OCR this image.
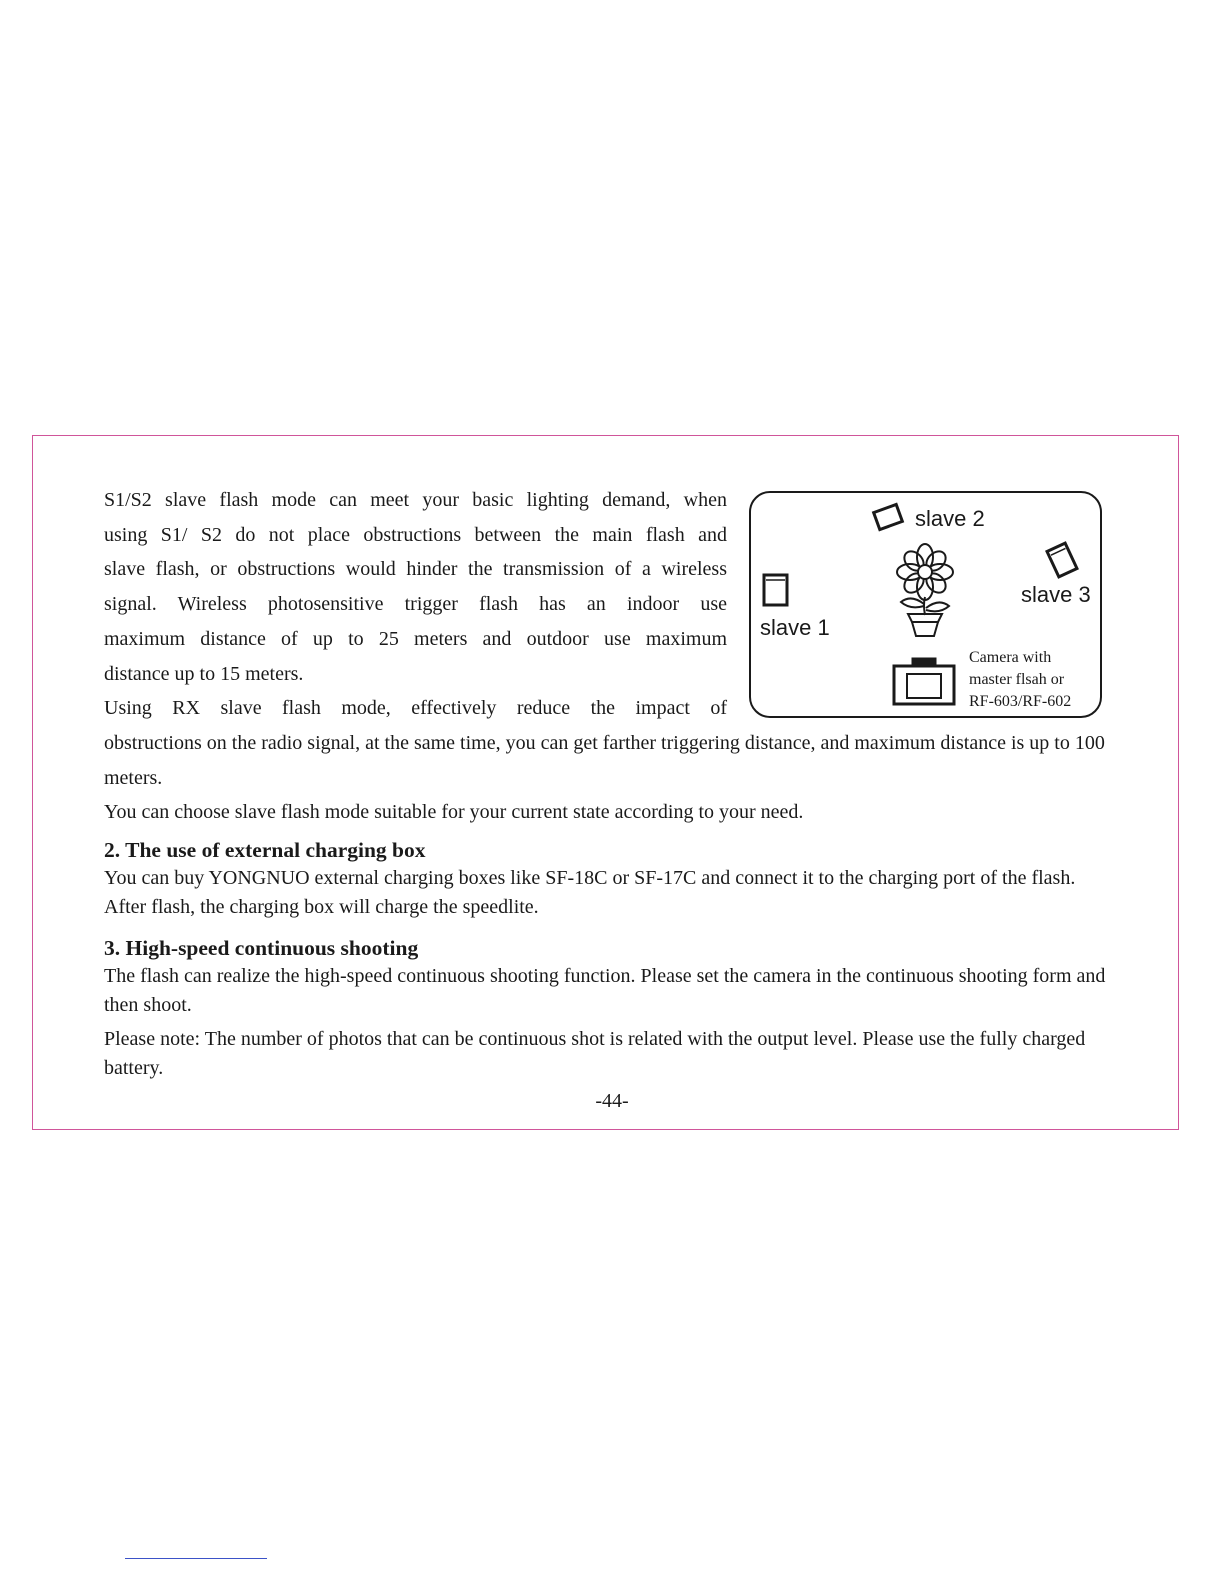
S1/S2 slave flash mode can meet your basic lighting demand, when
using S1/ S2 do not place obstructions between the main flash and
slave flash, or obstructions would hinder the transmission of a wireless
signal. Wireless photosensitive trigger flash has an indoor use
maximum distance of up to 25 meters and outdoor use maximum
distance up to 15 meters.

Using RX slave flash mode, effectively reduce the impact of

obstructions on the radio signal, at the same time, you can get farther triggering distance, and maximum distance is up to 100 meters.

You can choose slave flash mode suitable for your current state according to your need.

2. The use of external charging box

You can buy YONGNUO external charging boxes like SF-18C or SF-17C and connect it to the charging port of the flash. After flash, the charging box will charge the speedlite.

3. High-speed continuous shooting

The flash can realize the high-speed continuous shooting function. Please set the camera in the continuous shooting form and then shoot.

Please note: The number of photos that can be continuous shot is related with the output level. Please use the fully charged battery.

-44-
slave 2
slave 1
slave 3
Camera with
master flsah or
RF-603/RF-602
